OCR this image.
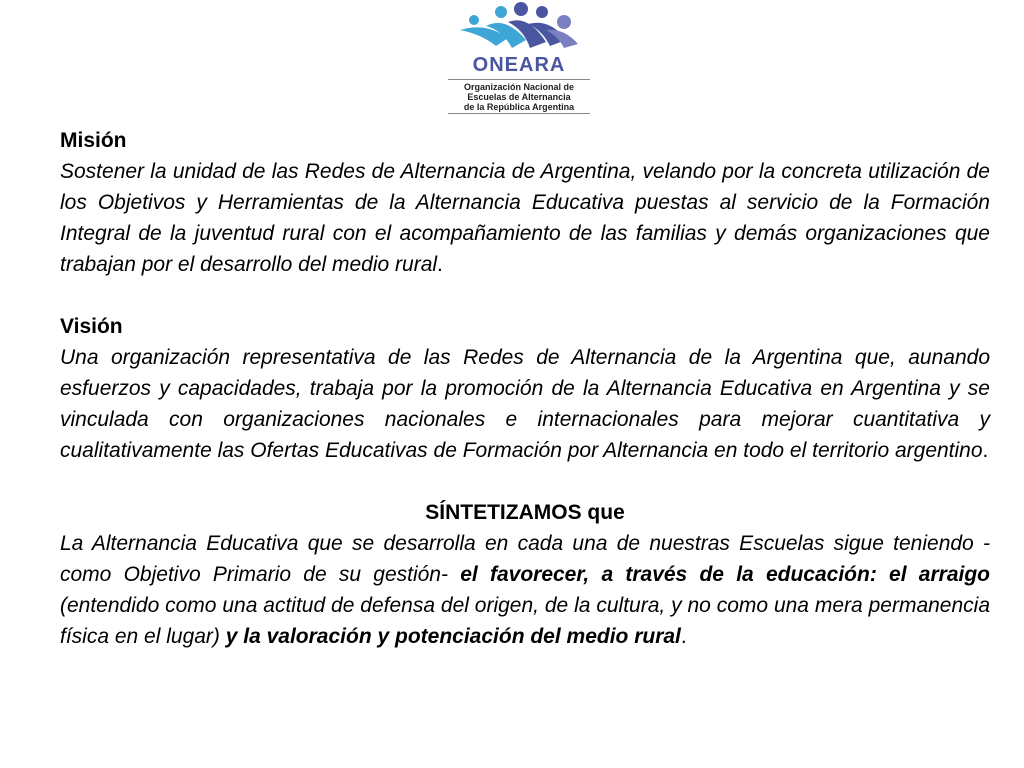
ONEARA
Organización Nacional de
Escuelas de Alternancia
de la República Argentina
Misión

Sostener la unidad de las Redes de Alternancia de Argentina, velando por la concreta utilización de los Objetivos y Herramientas de la Alternancia Educativa puestas al servicio de la Formación Integral de la juventud rural con el acompañamiento de las familias y demás organizaciones que trabajan por el desarrollo del medio rural.

Visión

Una organización representativa de las Redes de Alternancia de la Argentina que, aunando esfuerzos y capacidades, trabaja por la promoción de la Alternancia Educativa en Argentina y se vinculada con organizaciones nacionales e internacionales para mejorar cuantitativa y cualitativamente las Ofertas Educativas de Formación por Alternancia en todo el territorio argentino.

SÍNTETIZAMOS que

La Alternancia Educativa que se desarrolla en cada una de nuestras Escuelas sigue teniendo -como Objetivo Primario de su gestión- el favorecer, a través de la educación: el arraigo (entendido como una actitud de defensa del origen, de la cultura, y no como una mera permanencia física en el lugar) y la valoración y potenciación del medio rural.
